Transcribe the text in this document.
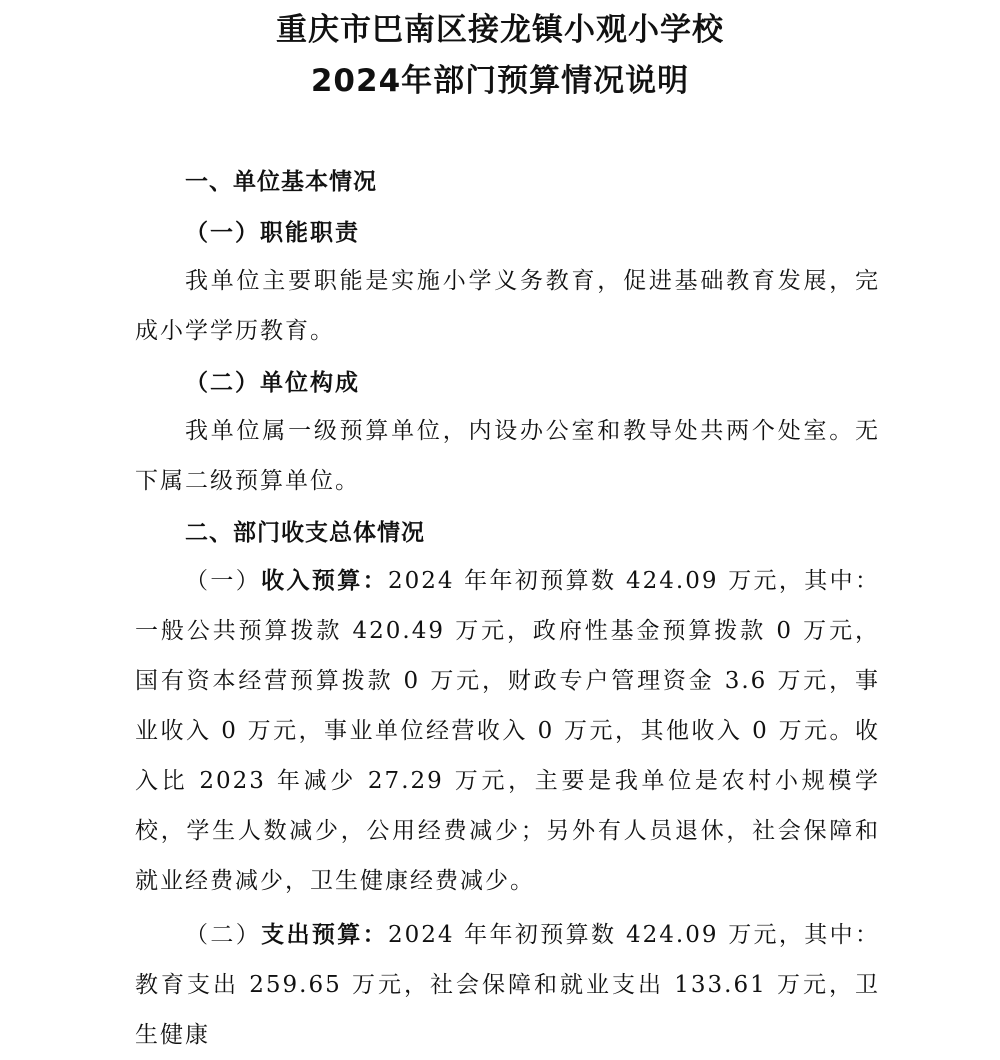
重庆市巴南区接龙镇小观小学校
2024年部门预算情况说明
一、单位基本情况
（一）职能职责

我单位主要职能是实施小学义务教育，促进基础教育发展，完成小学学历教育。

（二）单位构成

我单位属一级预算单位，内设办公室和教导处共两个处室。无下属二级预算单位。

二、部门收支总体情况

（一）收入预算：2024 年年初预算数 424.09 万元，其中：一般公共预算拨款 420.49 万元，政府性基金预算拨款 0 万元，国有资本经营预算拨款 0 万元，财政专户管理资金 3.6 万元，事业收入 0 万元，事业单位经营收入 0 万元，其他收入 0 万元。收入比 2023 年减少 27.29 万元，主要是我单位是农村小规模学校，学生人数减少，公用经费减少；另外有人员退休，社会保障和就业经费减少，卫生健康经费减少。

（二）支出预算：2024 年年初预算数 424.09 万元，其中：教育支出 259.65 万元，社会保障和就业支出 133.61 万元，卫生健康
